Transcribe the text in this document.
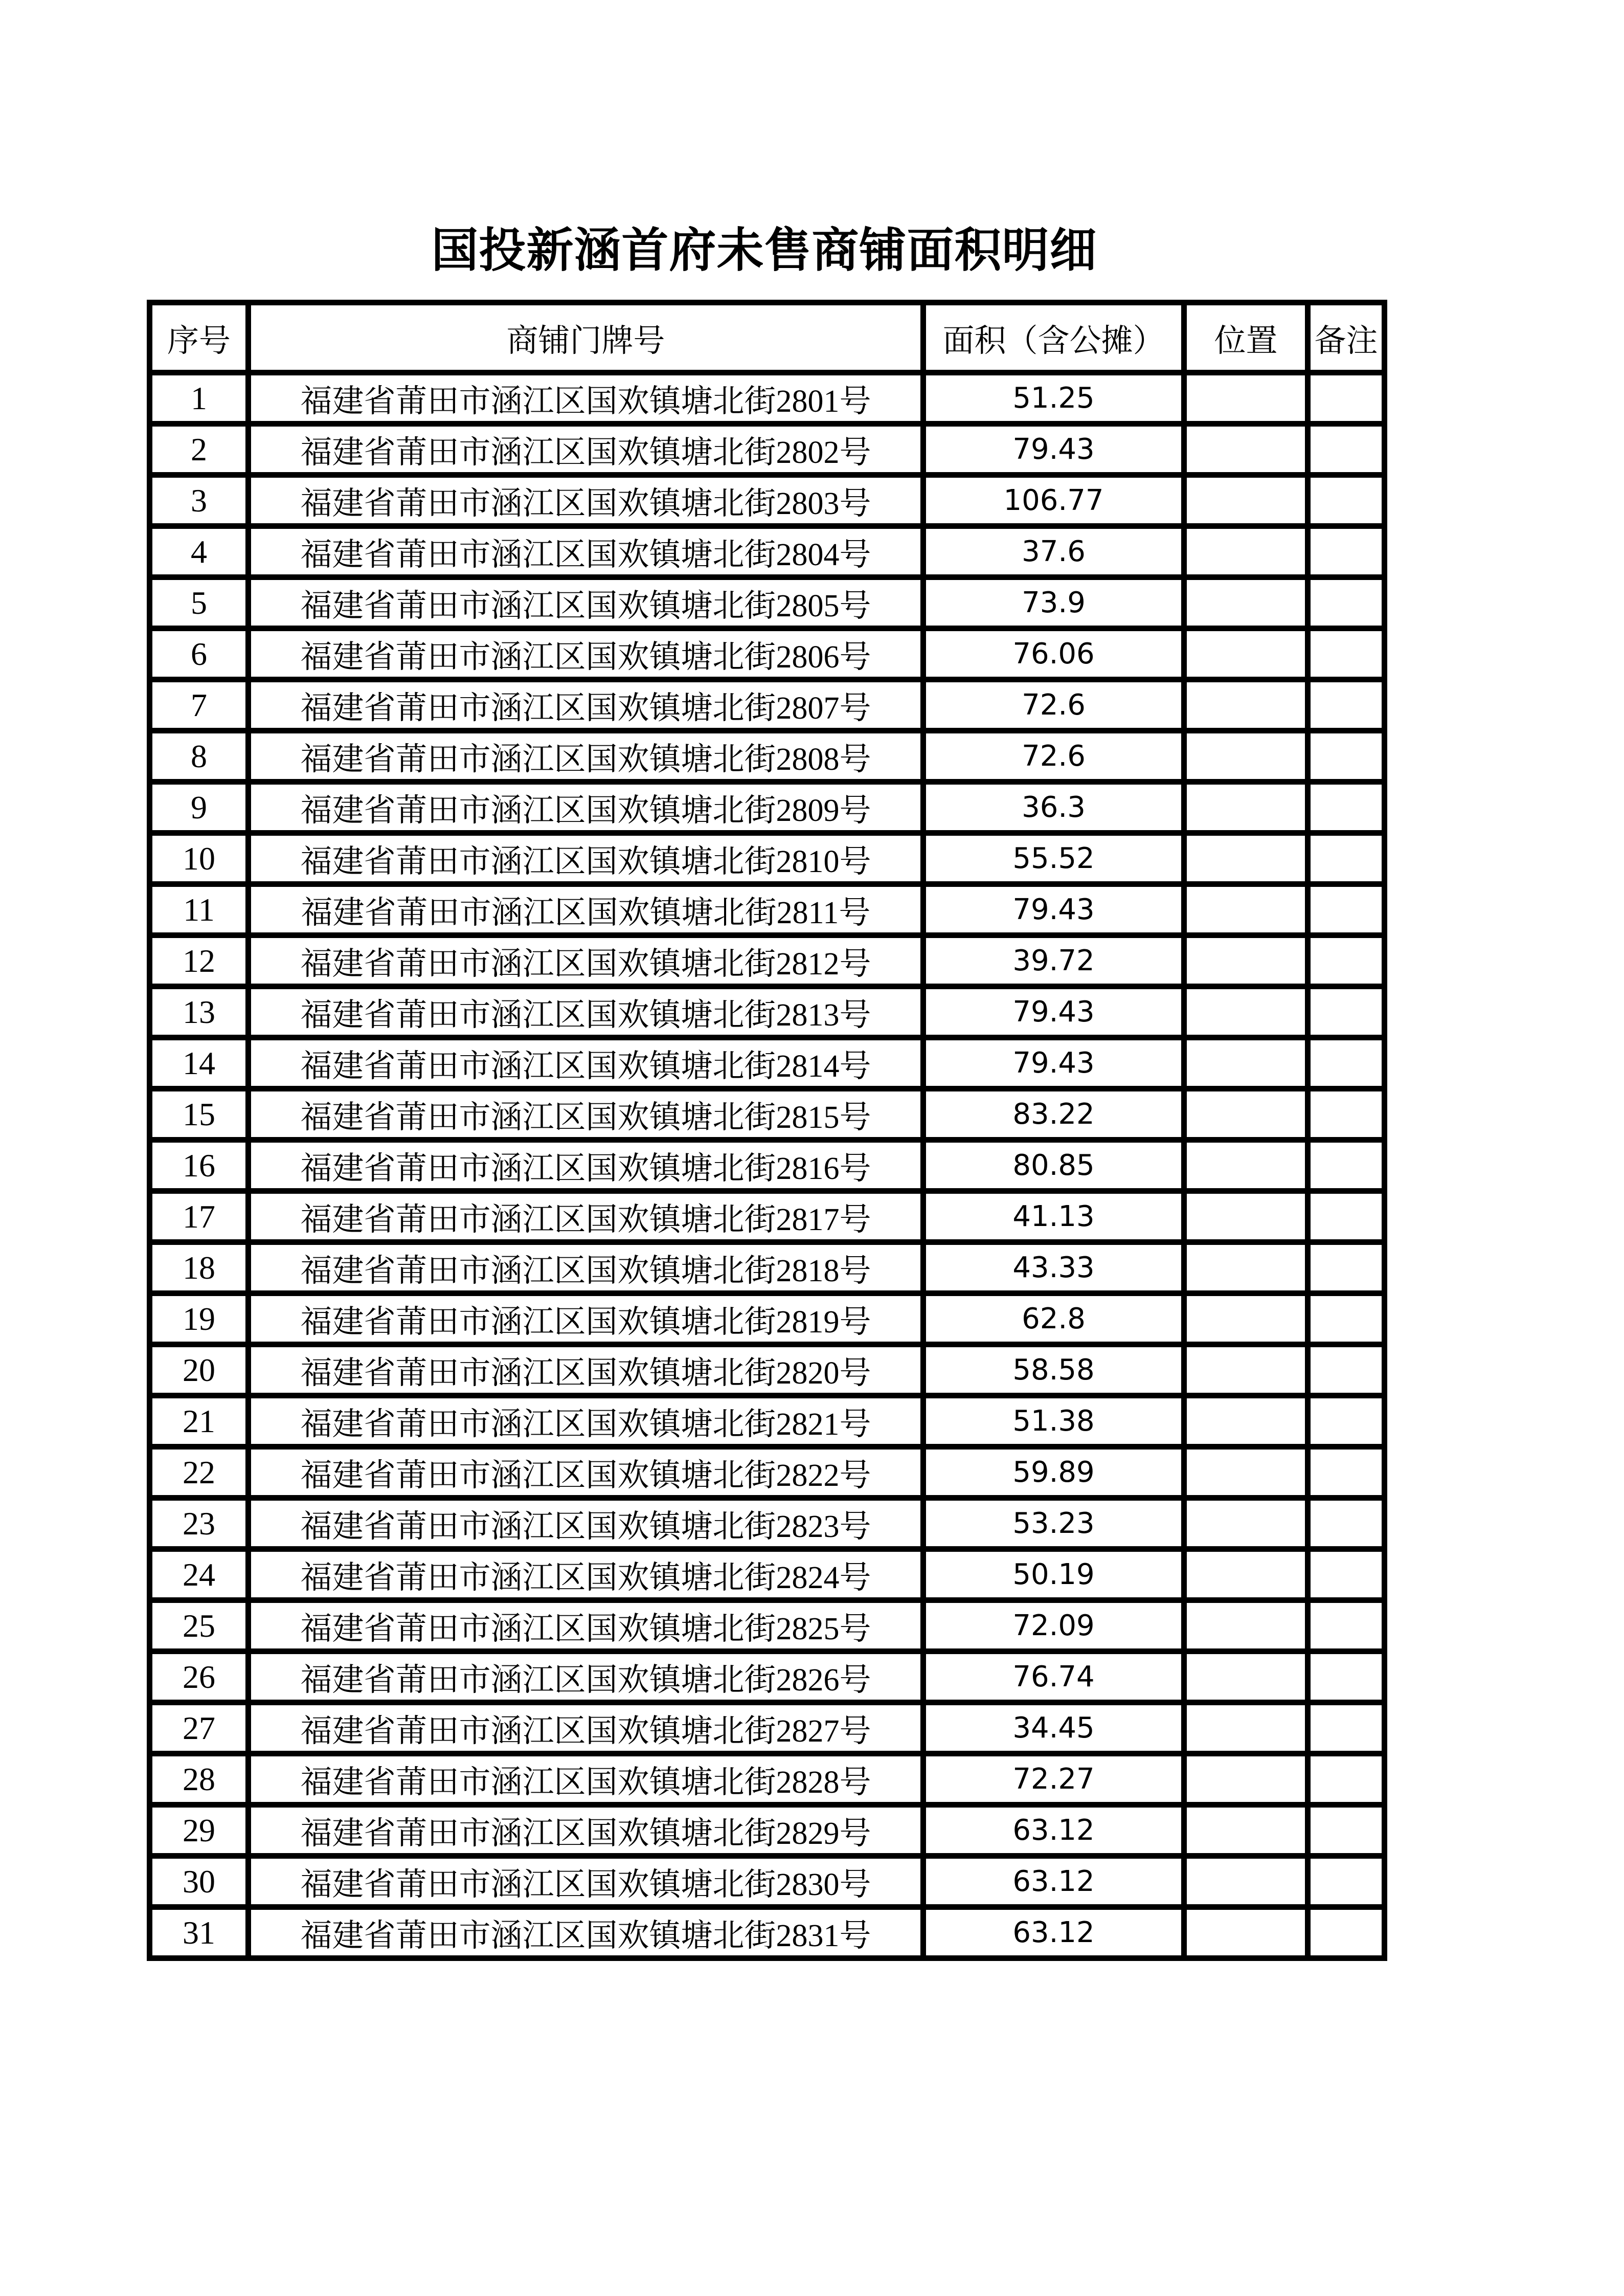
国投新涵首府未售商铺面积明细
序号	商铺门牌号	面积（含公摊）	位置	备注
1	福建省莆田市涵江区国欢镇塘北街2801号	51.25		
2	福建省莆田市涵江区国欢镇塘北街2802号	79.43		
3	福建省莆田市涵江区国欢镇塘北街2803号	106.77		
4	福建省莆田市涵江区国欢镇塘北街2804号	37.6		
5	福建省莆田市涵江区国欢镇塘北街2805号	73.9		
6	福建省莆田市涵江区国欢镇塘北街2806号	76.06		
7	福建省莆田市涵江区国欢镇塘北街2807号	72.6		
8	福建省莆田市涵江区国欢镇塘北街2808号	72.6		
9	福建省莆田市涵江区国欢镇塘北街2809号	36.3		
10	福建省莆田市涵江区国欢镇塘北街2810号	55.52		
11	福建省莆田市涵江区国欢镇塘北街2811号	79.43		
12	福建省莆田市涵江区国欢镇塘北街2812号	39.72		
13	福建省莆田市涵江区国欢镇塘北街2813号	79.43		
14	福建省莆田市涵江区国欢镇塘北街2814号	79.43		
15	福建省莆田市涵江区国欢镇塘北街2815号	83.22		
16	福建省莆田市涵江区国欢镇塘北街2816号	80.85		
17	福建省莆田市涵江区国欢镇塘北街2817号	41.13		
18	福建省莆田市涵江区国欢镇塘北街2818号	43.33		
19	福建省莆田市涵江区国欢镇塘北街2819号	62.8		
20	福建省莆田市涵江区国欢镇塘北街2820号	58.58		
21	福建省莆田市涵江区国欢镇塘北街2821号	51.38		
22	福建省莆田市涵江区国欢镇塘北街2822号	59.89		
23	福建省莆田市涵江区国欢镇塘北街2823号	53.23		
24	福建省莆田市涵江区国欢镇塘北街2824号	50.19		
25	福建省莆田市涵江区国欢镇塘北街2825号	72.09		
26	福建省莆田市涵江区国欢镇塘北街2826号	76.74		
27	福建省莆田市涵江区国欢镇塘北街2827号	34.45		
28	福建省莆田市涵江区国欢镇塘北街2828号	72.27		
29	福建省莆田市涵江区国欢镇塘北街2829号	63.12		
30	福建省莆田市涵江区国欢镇塘北街2830号	63.12		
31	福建省莆田市涵江区国欢镇塘北街2831号	63.12		
